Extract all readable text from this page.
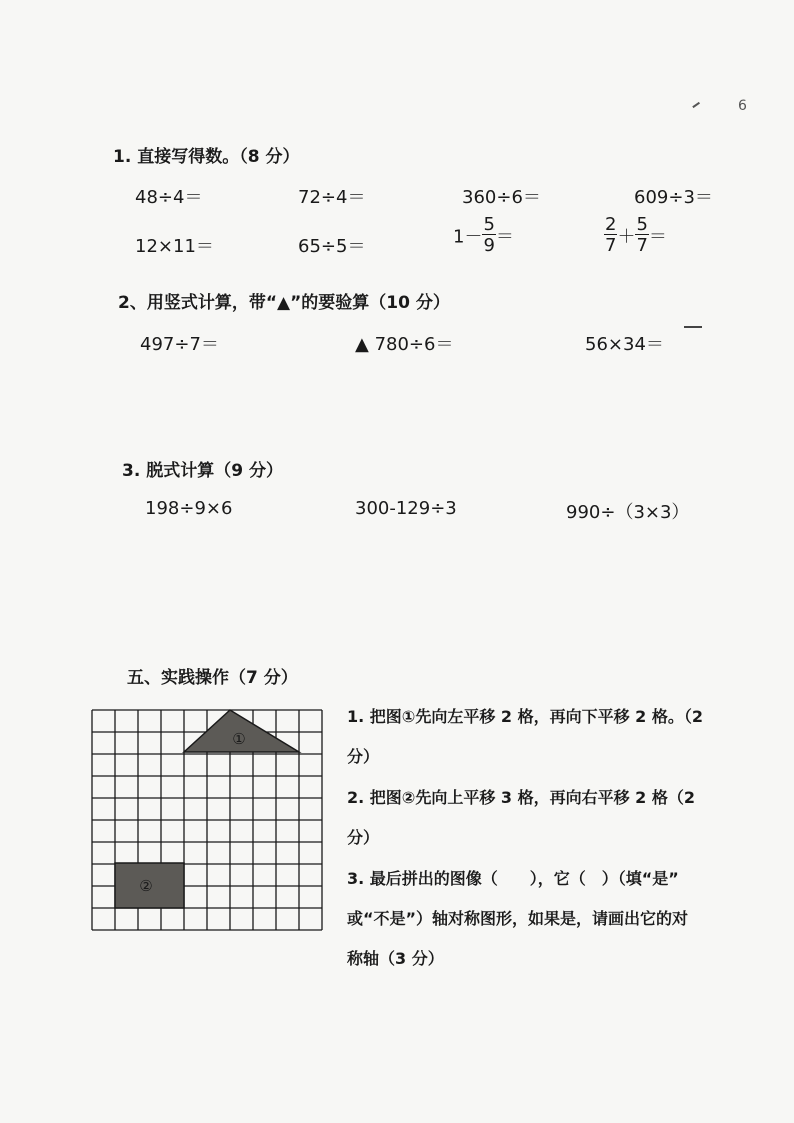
6
1. 直接写得数。（8 分）
48÷4＝	72÷4＝	360÷6＝	609÷3＝
12×11＝	65÷5＝	$1- \frac{5}{9}$ ＝	$\frac{2}{7} + \frac{5}{7}$ ＝
2、用竖式计算，带“▲”的要验算（10 分）
497÷7＝	▲ 780÷6＝	56×34＝
3. 脱式计算（9 分）
198÷9×6	300-129÷3	990÷（3×3）
五、实践操作（7 分）
①
②
1. 把图①先向左平移 2 格，再向下平移 2 格。（2
分）
2. 把图②先向上平移 3 格，再向右平移 2 格（2
分）
3. 最后拼出的图像（　　），它（　）（填“是”
或“不是”）轴对称图形，如果是，请画出它的对
称轴（3 分）
